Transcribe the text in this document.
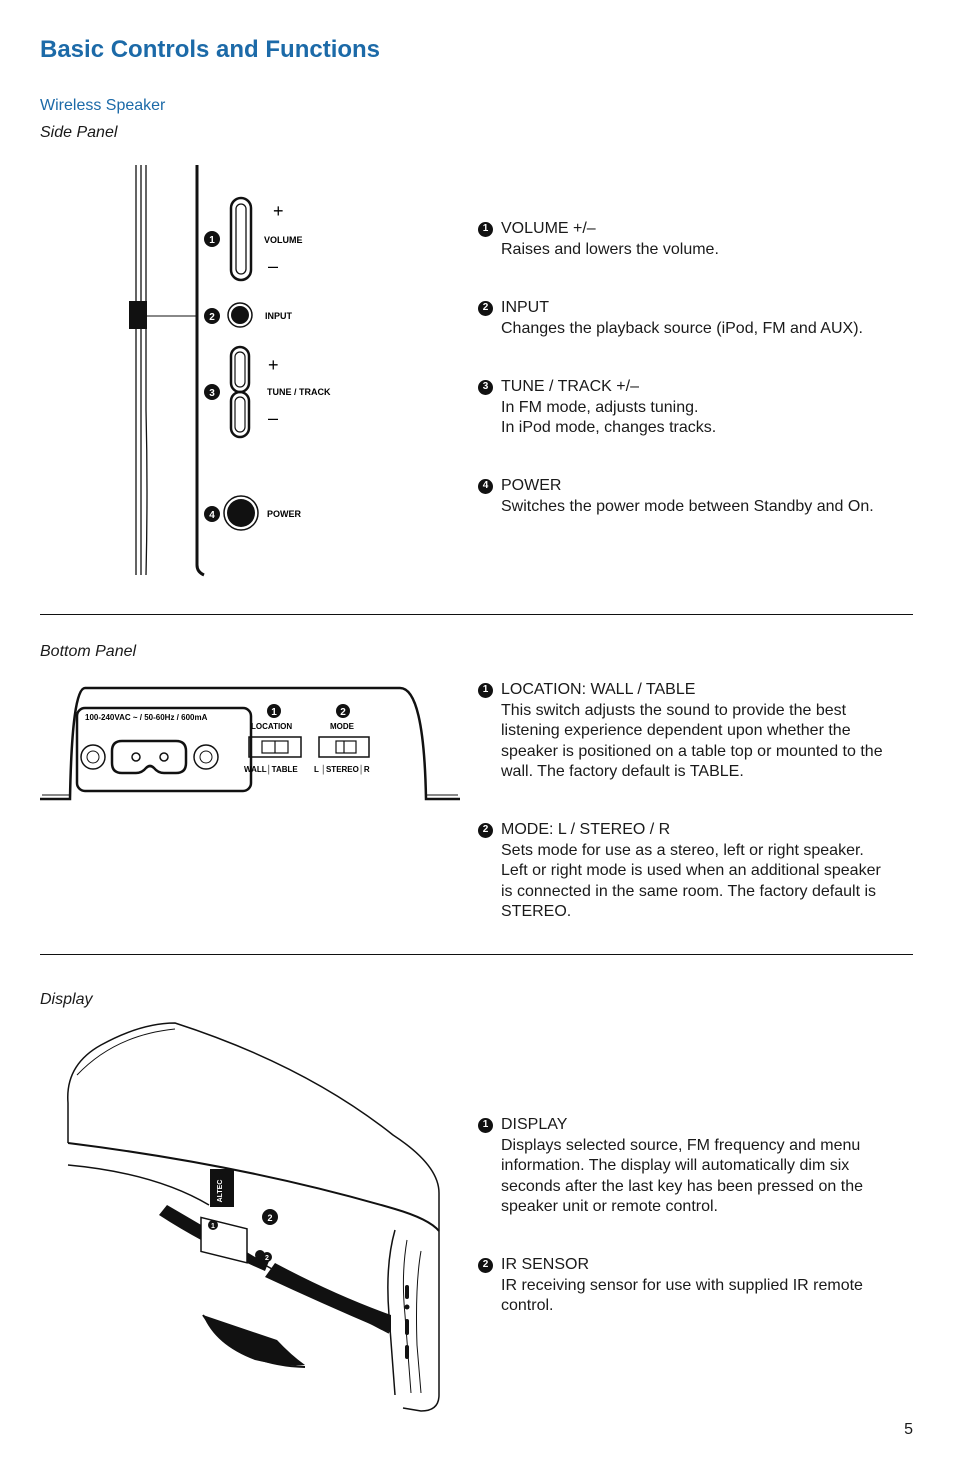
Basic Controls and Functions
Wireless Speaker
Side Panel
+
VOLUME
–
INPUT
+
TUNE / TRACK
–
POWER
1
2
3
4
1 VOLUME +/–
Raises and lowers the volume.
2 INPUT
Changes the playback source (iPod, FM and AUX).
3 TUNE / TRACK +/–
In FM mode, adjusts tuning.
In iPod mode, changes tracks.
4 POWER
Switches the power mode between Standby and On.
Bottom Panel
100-240VAC ~ / 50-60Hz / 600mA
LOCATION	MODE
WALL│TABLE L │STEREO│R
1	2
1 LOCATION: WALL / TABLE
This switch adjusts the sound to provide the best
listening experience dependent upon whether the
speaker is positioned on a table top or mounted to the
wall. The factory default is TABLE.
2 MODE: L / STEREO / R
Sets mode for use as a stereo, left or right speaker.
Left or right mode is used when an additional speaker
is connected in the same room. The factory default is
STEREO.
Display
ALTEC
1
2
2
1 DISPLAY
Displays selected source, FM frequency and menu
information. The display will automatically dim six
seconds after the last key has been pressed on the
speaker unit or remote control.
2 IR SENSOR
IR receiving sensor for use with supplied IR remote
control.
5
